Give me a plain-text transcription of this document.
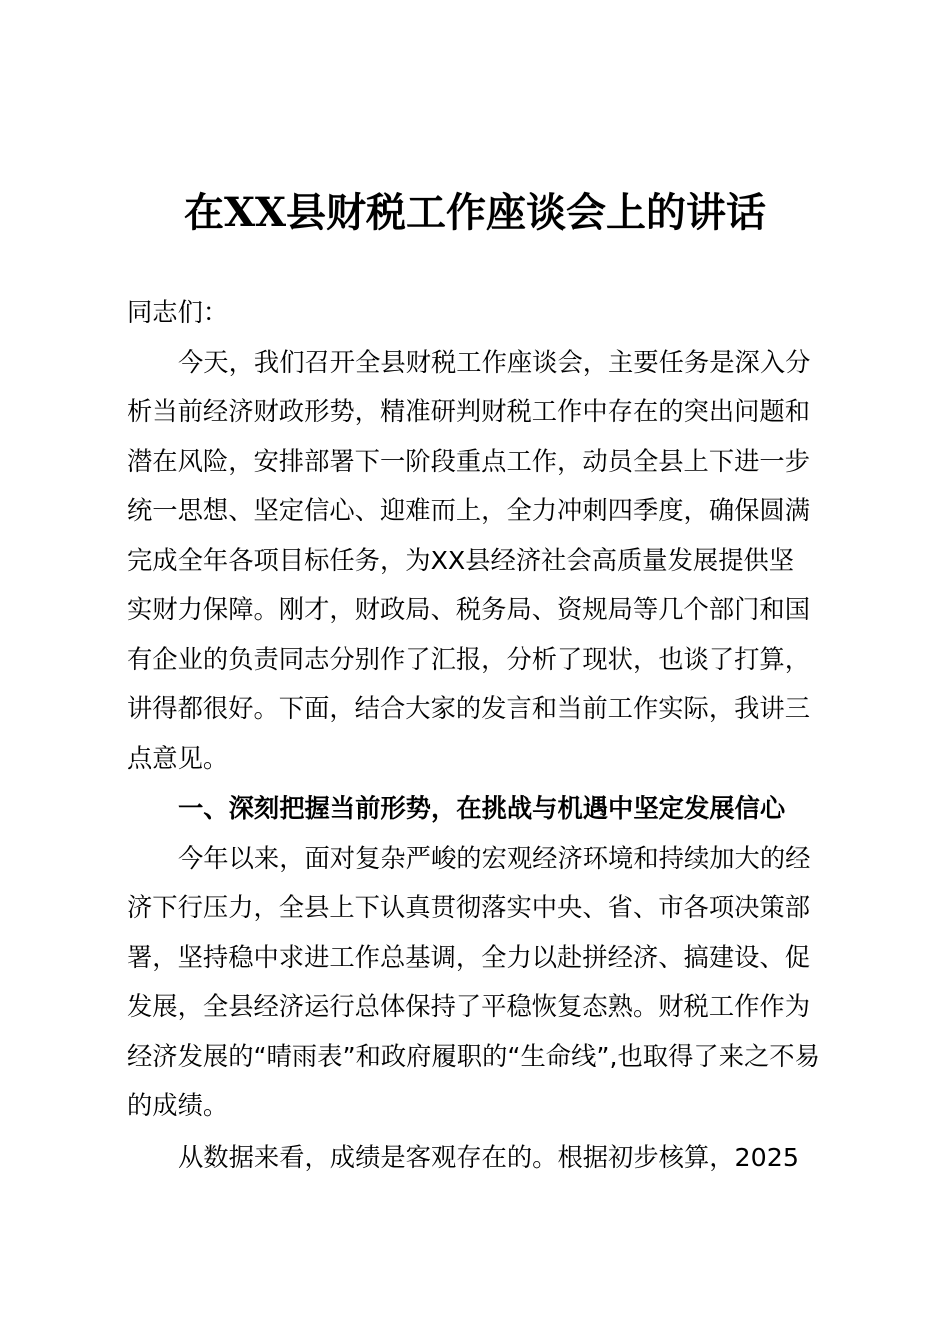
在XX县财税工作座谈会上的讲话
同志们：
今天，我们召开全县财税工作座谈会，主要任务是深入分
析当前经济财政形势，精准研判财税工作中存在的突出问题和
潜在风险，安排部署下一阶段重点工作，动员全县上下进一步
统一思想、坚定信心、迎难而上，全力冲刺四季度，确保圆满
完成全年各项目标任务，为XX县经济社会高质量发展提供坚
实财力保障。刚才，财政局、税务局、资规局等几个部门和国
有企业的负责同志分别作了汇报，分析了现状，也谈了打算，
讲得都很好。下面，结合大家的发言和当前工作实际，我讲三
点意见。
一、深刻把握当前形势，在挑战与机遇中坚定发展信心
今年以来，面对复杂严峻的宏观经济环境和持续加大的经
济下行压力，全县上下认真贯彻落实中央、省、市各项决策部
署，坚持稳中求进工作总基调，全力以赴拼经济、搞建设、促
发展，全县经济运行总体保持了平稳恢复态熟。财税工作作为
经济发展的“晴雨表”和政府履职的“生命线”,也取得了来之不易
的成绩。
从数据来看，成绩是客观存在的。根据初步核算，2025
